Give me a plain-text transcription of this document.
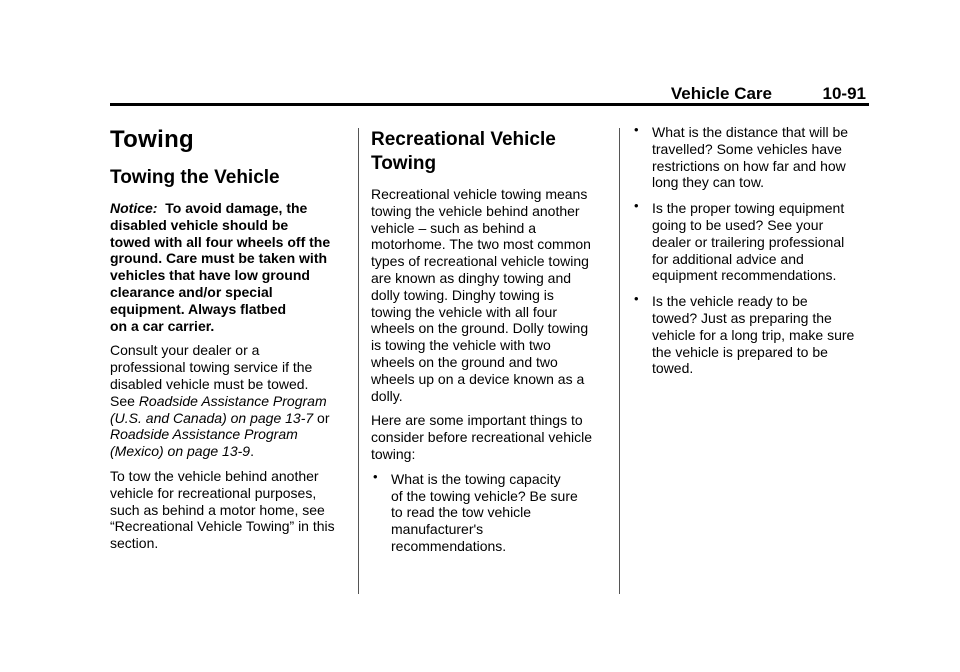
Vehicle Care	10-91
Towing
Towing the Vehicle

Notice: To avoid damage, the
disabled vehicle should be
towed with all four wheels off the
ground. Care must be taken with
vehicles that have low ground
clearance and/or special
equipment. Always flatbed
on a car carrier.

Consult your dealer or a
professional towing service if the
disabled vehicle must be towed.
See Roadside Assistance Program
(U.S. and Canada) on page 13-7 or
Roadside Assistance Program
(Mexico) on page 13-9.

To tow the vehicle behind another
vehicle for recreational purposes,
such as behind a motor home, see
“Recreational Vehicle Towing” in this
section.

Recreational Vehicle
Towing

Recreational vehicle towing means
towing the vehicle behind another
vehicle – such as behind a
motorhome. The two most common
types of recreational vehicle towing
are known as dinghy towing and
dolly towing. Dinghy towing is
towing the vehicle with all four
wheels on the ground. Dolly towing
is towing the vehicle with two
wheels on the ground and two
wheels up on a device known as a
dolly.

Here are some important things to
consider before recreational vehicle
towing:

• What is the towing capacity
of the towing vehicle? Be sure
to read the tow vehicle
manufacturer's
recommendations.
• What is the distance that will be
travelled? Some vehicles have
restrictions on how far and how
long they can tow.
• Is the proper towing equipment
going to be used? See your
dealer or trailering professional
for additional advice and
equipment recommendations.
• Is the vehicle ready to be
towed? Just as preparing the
vehicle for a long trip, make sure
the vehicle is prepared to be
towed.
